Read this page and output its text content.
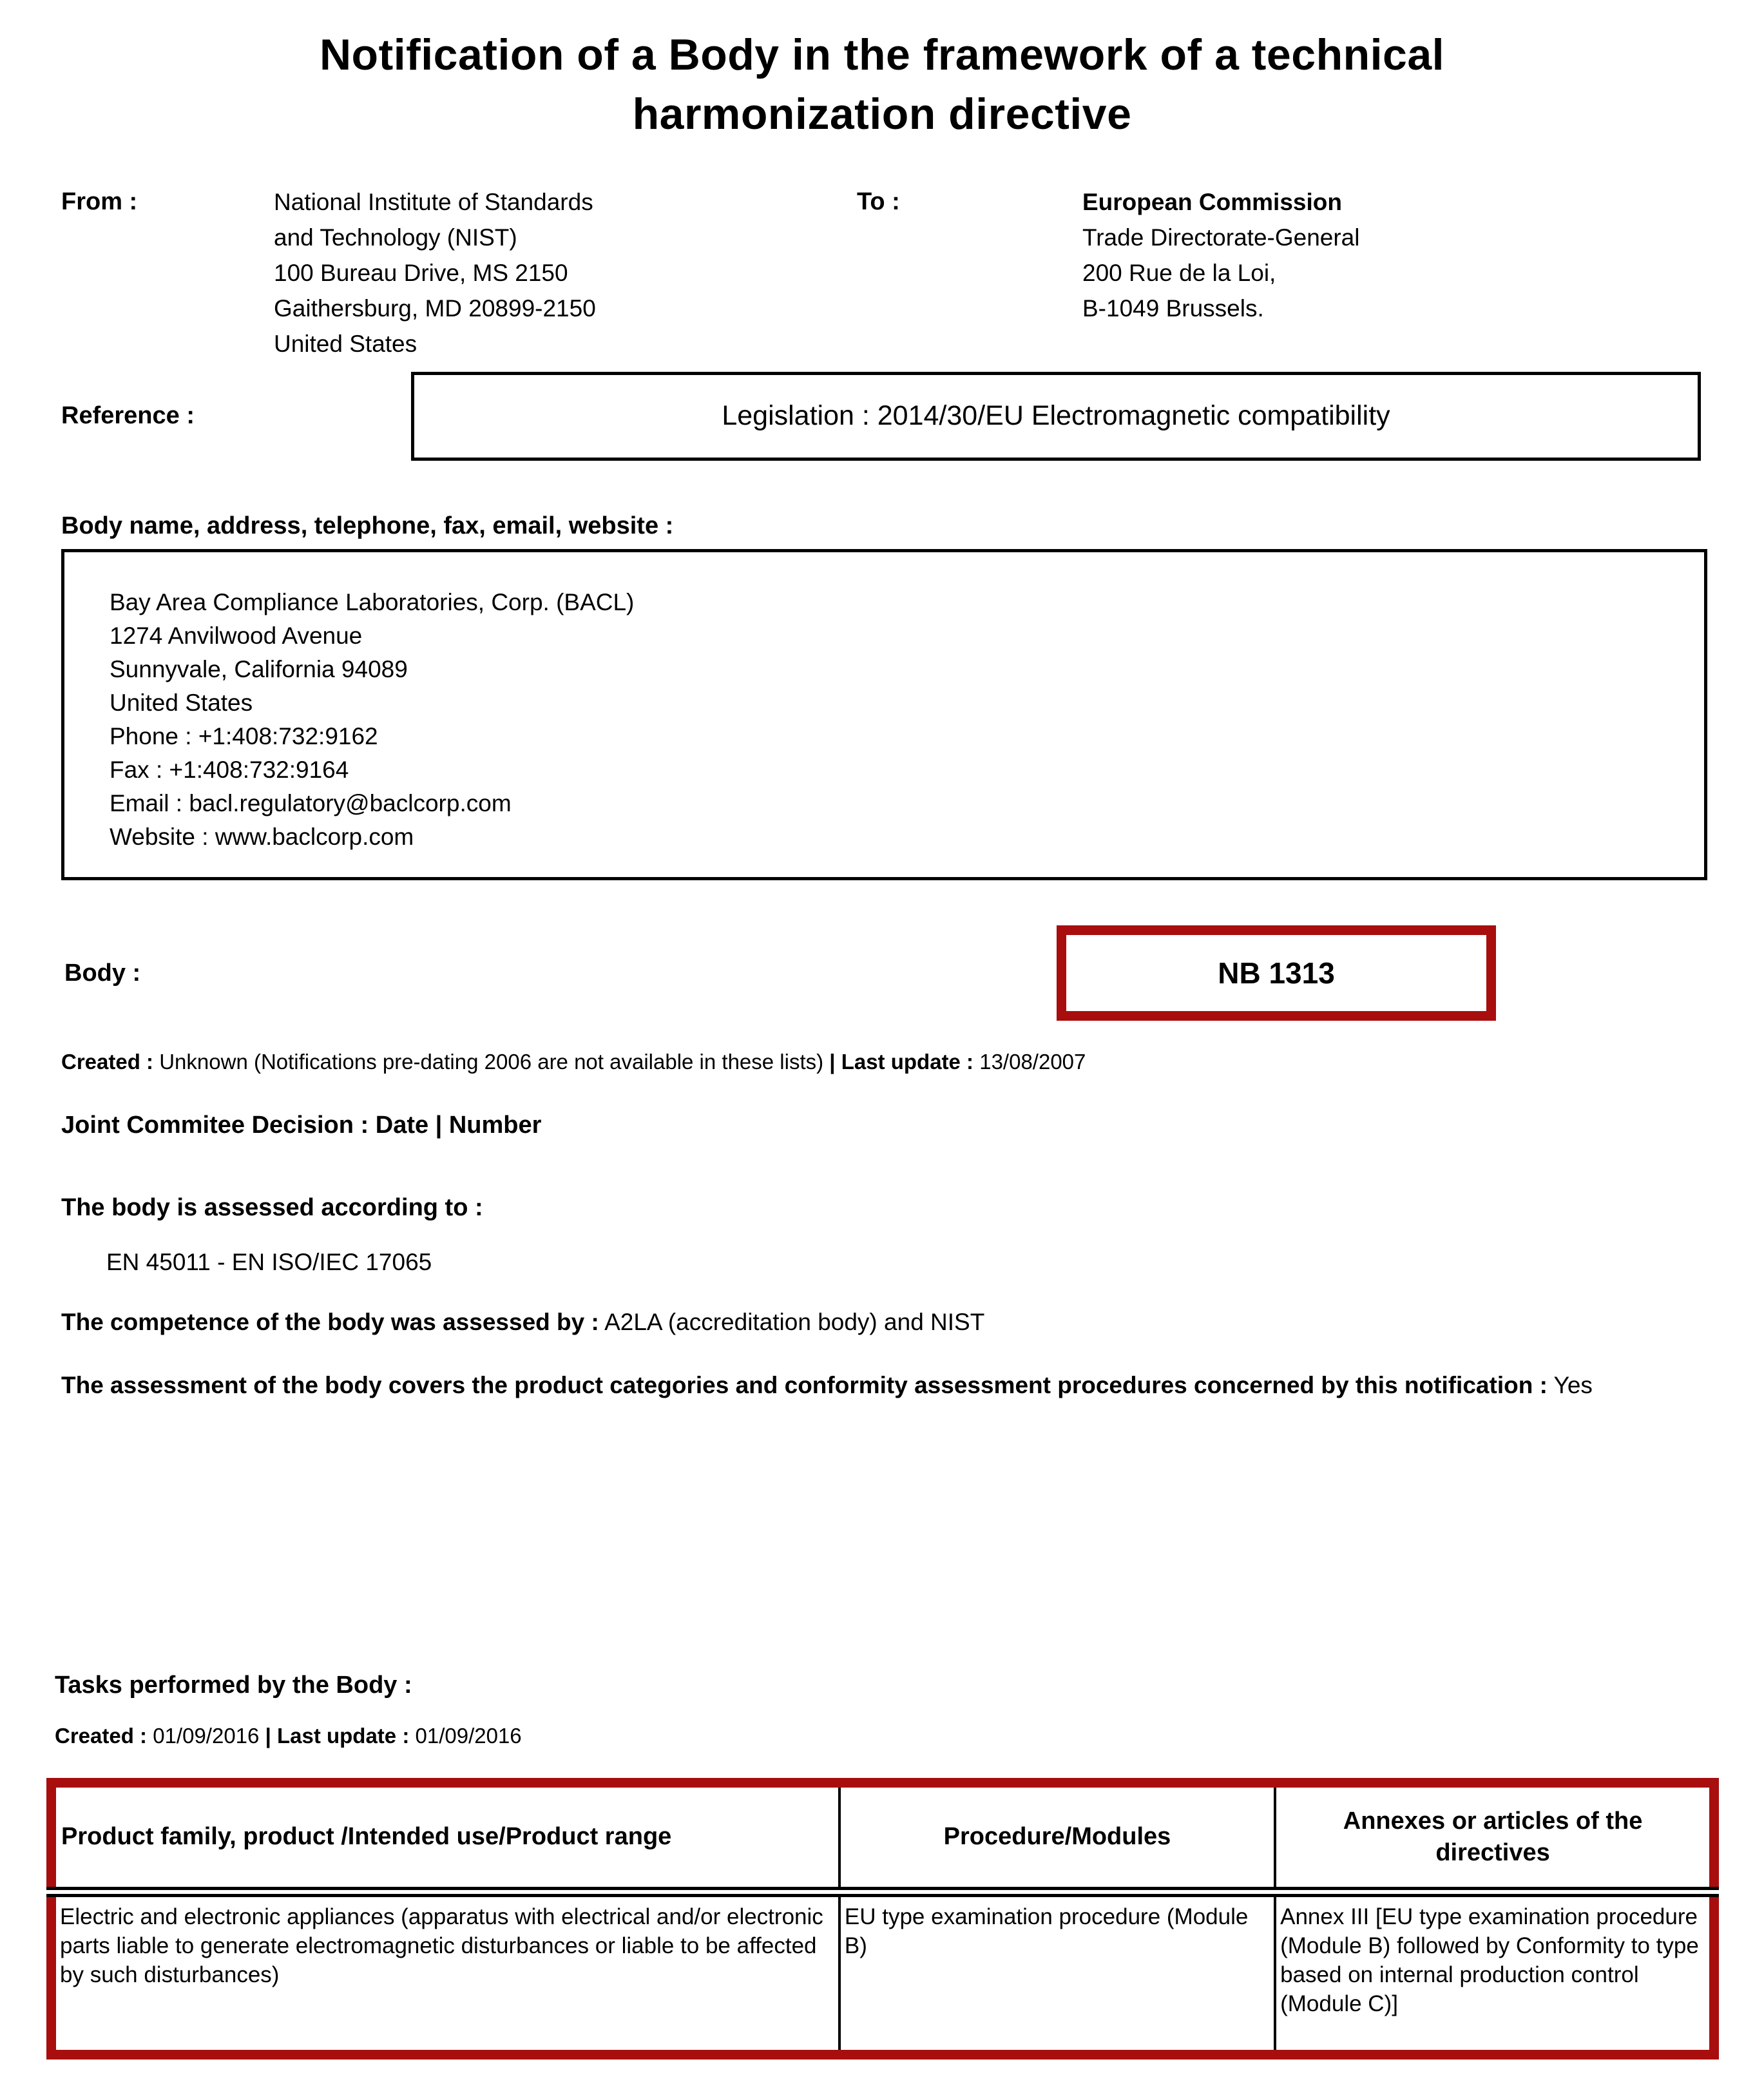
Notification of a Body in the framework of a technical harmonization directive
From :	National Institute of Standards
and Technology (NIST)
100 Bureau Drive, MS 2150
Gaithersburg, MD 20899-2150
United States
To :	European Commission
Trade Directorate-General
200 Rue de la Loi,
B-1049 Brussels.
Reference :	Legislation : 2014/30/EU Electromagnetic compatibility
Body name, address, telephone, fax, email, website :
Bay Area Compliance Laboratories, Corp. (BACL)
1274 Anvilwood Avenue
Sunnyvale, California 94089
United States
Phone : +1:408:732:9162
Fax : +1:408:732:9164
Email : bacl.regulatory@baclcorp.com
Website : www.baclcorp.com
Body :	NB 1313
Created : Unknown (Notifications pre-dating 2006 are not available in these lists) | Last update : 13/08/2007
Joint Commitee Decision : Date | Number
The body is assessed according to :
EN 45011 - EN ISO/IEC 17065
The competence of the body was assessed by : A2LA (accreditation body) and NIST
The assessment of the body covers the product categories and conformity assessment procedures concerned by this notification : Yes
Tasks performed by the Body :
Created : 01/09/2016 | Last update : 01/09/2016
Product family, product /Intended use/Product range	Procedure/Modules	Annexes or articles of the directives
Electric and electronic appliances (apparatus with electrical and/or electronic parts liable to generate electromagnetic disturbances or liable to be affected by such disturbances)	EU type examination procedure (Module B)	Annex III [EU type examination procedure (Module B) followed by Conformity to type based on internal production control (Module C)]
